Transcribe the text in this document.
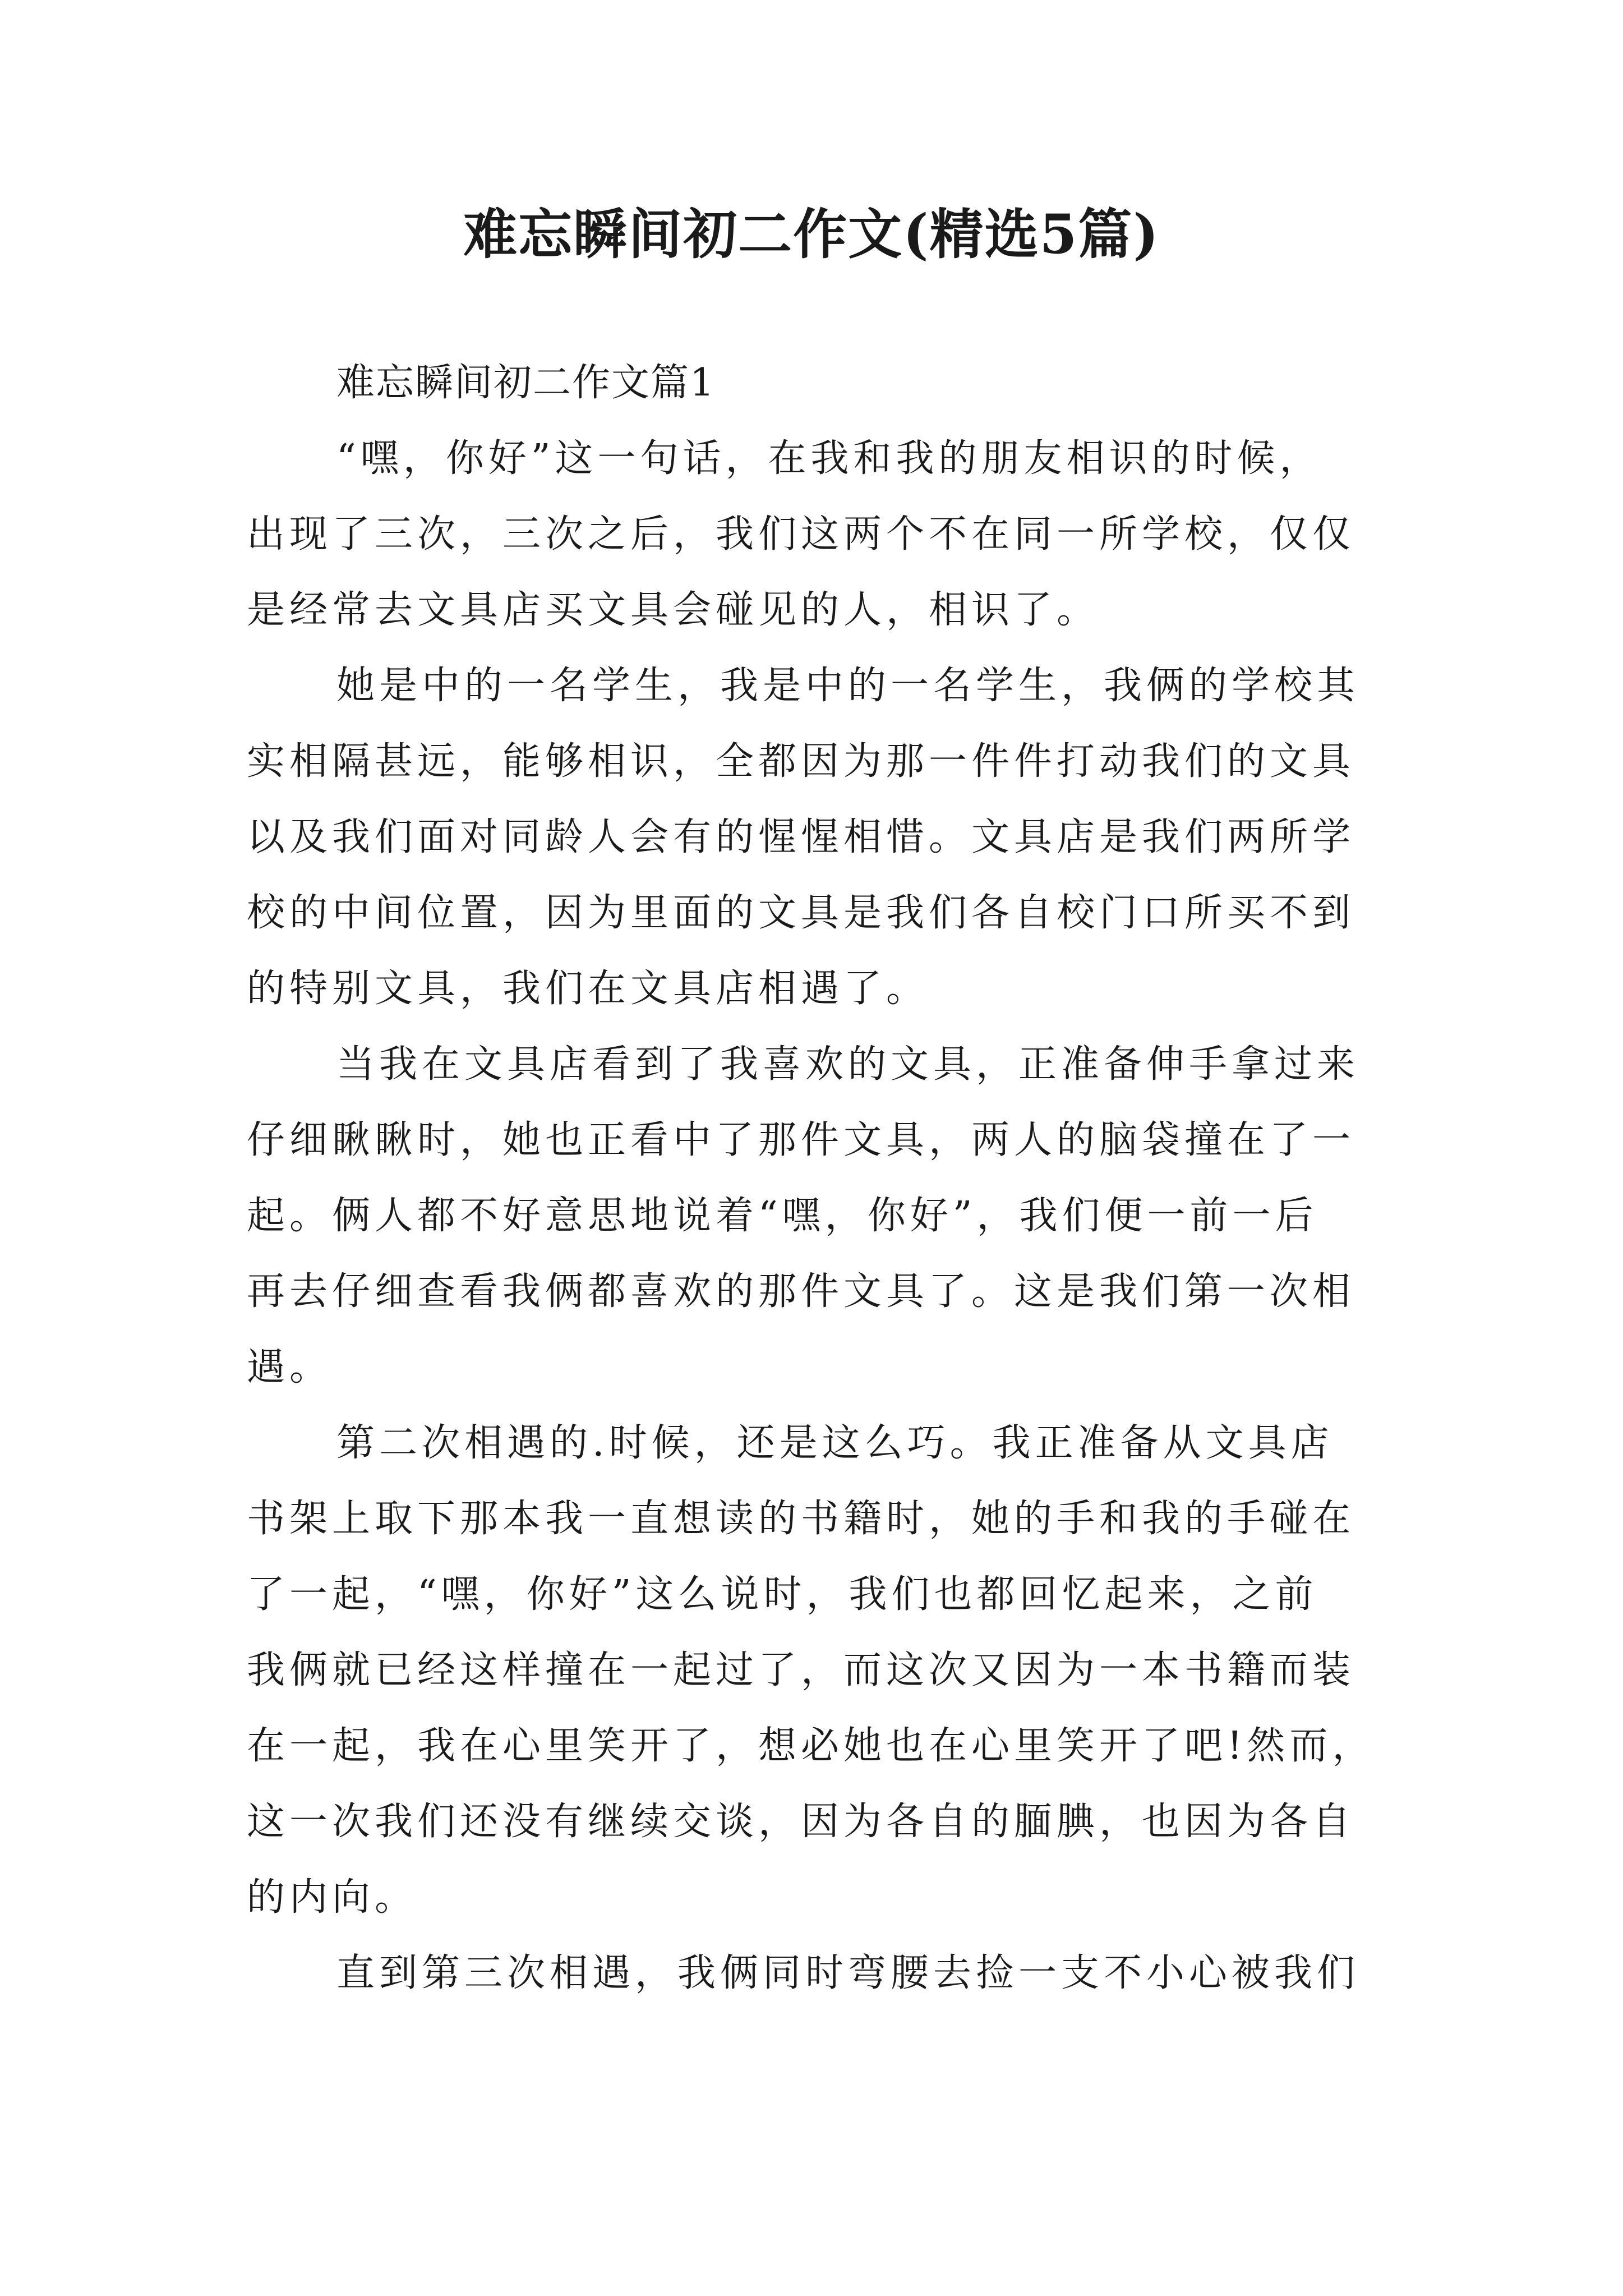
难忘瞬间初二作文(精选5篇)
难忘瞬间初二作文篇1
“嘿，你好”这一句话，在我和我的朋友相识的时候，
出现了三次，三次之后，我们这两个不在同一所学校，仅仅
是经常去文具店买文具会碰见的人，相识了。
她是中的一名学生，我是中的一名学生，我俩的学校其
实相隔甚远，能够相识，全都因为那一件件打动我们的文具
以及我们面对同龄人会有的惺惺相惜。文具店是我们两所学
校的中间位置，因为里面的文具是我们各自校门口所买不到
的特别文具，我们在文具店相遇了。
当我在文具店看到了我喜欢的文具，正准备伸手拿过来
仔细瞅瞅时，她也正看中了那件文具，两人的脑袋撞在了一
起。俩人都不好意思地说着“嘿，你好”，我们便一前一后
再去仔细查看我俩都喜欢的那件文具了。这是我们第一次相
遇。
第二次相遇的.时候，还是这么巧。我正准备从文具店
书架上取下那本我一直想读的书籍时，她的手和我的手碰在
了一起，“嘿，你好”这么说时，我们也都回忆起来，之前
我俩就已经这样撞在一起过了，而这次又因为一本书籍而装
在一起，我在心里笑开了，想必她也在心里笑开了吧!然而，
这一次我们还没有继续交谈，因为各自的腼腆，也因为各自
的内向。
直到第三次相遇，我俩同时弯腰去捡一支不小心被我们
